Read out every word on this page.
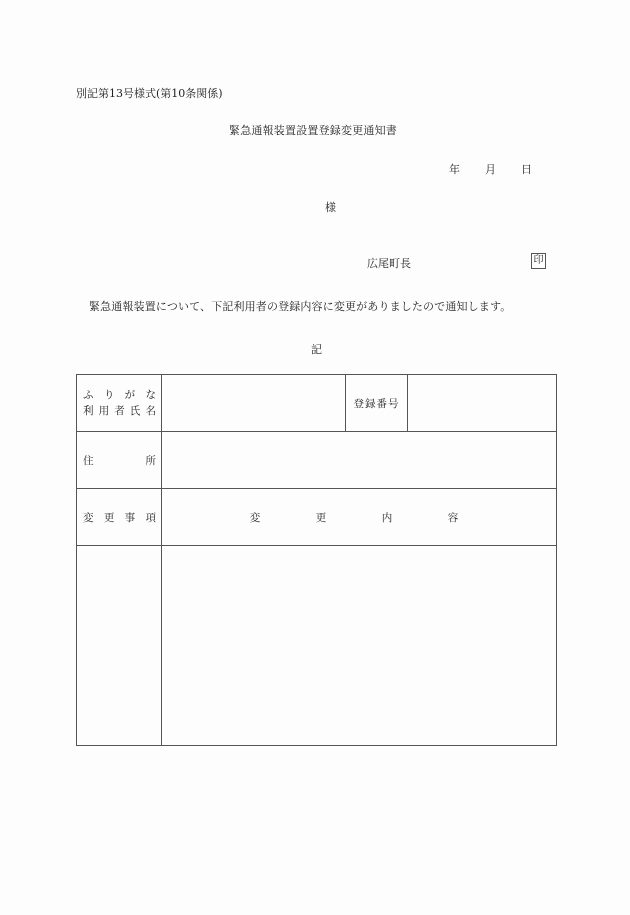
別記第13号様式(第10条関係)
緊急通報装置設置登録変更通知書
年 月 日
様
広尾町長	印
緊急通報装置について、下記利用者の登録内容に変更がありましたので通知します。
記
ふ り が な
利 用 者 氏 名
		登録番号	

住 所			

変 更 事 項	変 更 内 容		
